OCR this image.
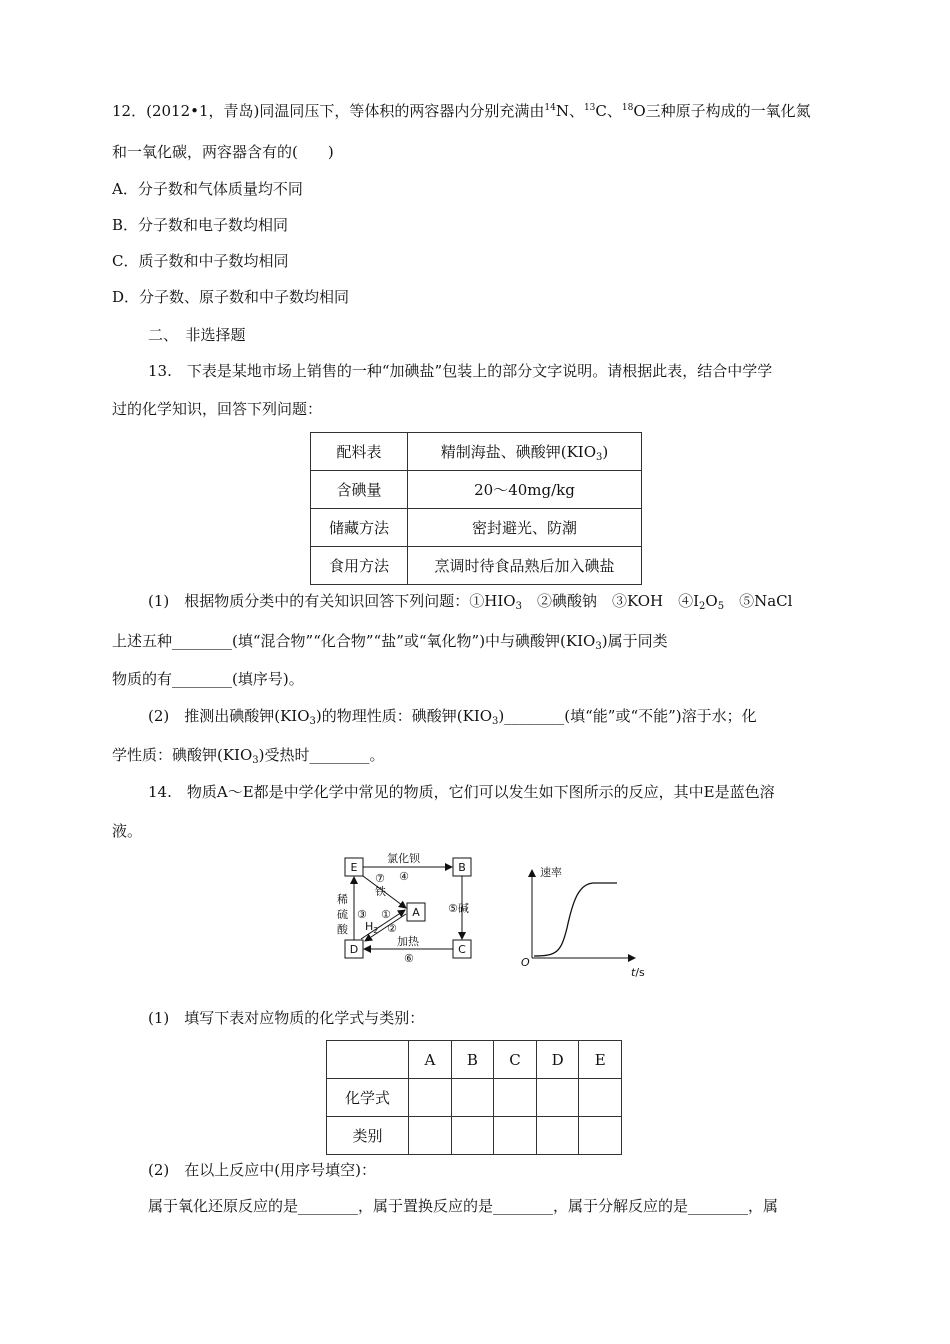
12．(2012•1，青岛)同温同压下，等体积的两容器内分别充满由$^{14}$N、$^{13}$C、$^{18}$O三种原子构成的一氧化氮
和一氧化碳，两容器含有的(　　)
A．分子数和气体质量均不同
B．分子数和电子数均相同
C．质子数和中子数均相同
D．分子数、原子数和中子数均相同
二、　非选择题
13.　下表是某地市场上销售的一种“加碘盐”包装上的部分文字说明。请根据此表，结合中学学
过的化学知识，回答下列问题：
配料表	精制海盐、碘酸钾$(KIO_3)$
含碘量	20～40mg/kg
储藏方法	密封避光、防潮
食用方法	烹调时待食品熟后加入碘盐
(1)　根据物质分类中的有关知识回答下列问题：$①HIO_3$　②碘酸钠　③KOH　$④I_2O_5$　⑤NaCl
上述五种________(填“混合物”“化合物”“盐”或“氧化物”)中与碘酸钾$(KIO_3)$属于同类
物质的有________(填序号)。
(2)　推测出碘酸钾$(KIO_3)$的物理性质：碘酸钾$(KIO_3)\_\_\_\_\_\_\_\_$(填“能”或“不能”)溶于水；化
学性质：碘酸钾$(KIO_3)$受热时________。
14.　物质A～E都是中学化学中常见的物质，它们可以发生如下图所示的反应，其中E是蓝色溶
液。
E	B
A
D	C
氯化钡
④
⑦
铁
稀
硫
酸
③ ①
②
$H_2$
⑤碱
加热
⑥
速率
O
t/s
(1)　填写下表对应物质的化学式与类别：
	A	B	C	D	E
化学式					
类别					
(2)　在以上反应中(用序号填空)：
属于氧化还原反应的是________，属于置换反应的是________，属于分解反应的是________，属
